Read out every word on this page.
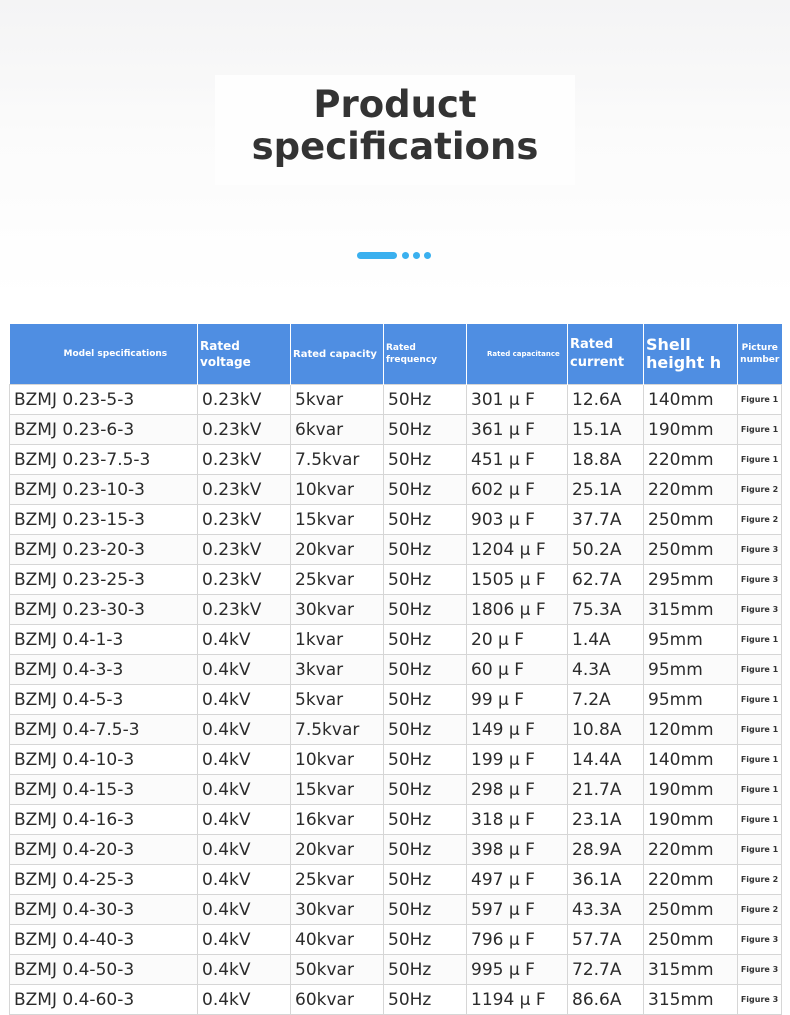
Product
specifications
Model specifications	Rated voltage	Rated capacity	Rated frequency	Rated capacitance	Rated current	Shell height h	Picture number
BZMJ 0.23-5-3	0.23kV	5kvar	50Hz	301 μ F	12.6A	140mm	Figure 1
BZMJ 0.23-6-3	0.23kV	6kvar	50Hz	361 μ F	15.1A	190mm	Figure 1
BZMJ 0.23-7.5-3	0.23kV	7.5kvar	50Hz	451 μ F	18.8A	220mm	Figure 1
BZMJ 0.23-10-3	0.23kV	10kvar	50Hz	602 μ F	25.1A	220mm	Figure 2
BZMJ 0.23-15-3	0.23kV	15kvar	50Hz	903 μ F	37.7A	250mm	Figure 2
BZMJ 0.23-20-3	0.23kV	20kvar	50Hz	1204 μ F	50.2A	250mm	Figure 3
BZMJ 0.23-25-3	0.23kV	25kvar	50Hz	1505 μ F	62.7A	295mm	Figure 3
BZMJ 0.23-30-3	0.23kV	30kvar	50Hz	1806 μ F	75.3A	315mm	Figure 3
BZMJ 0.4-1-3	0.4kV	1kvar	50Hz	20 μ F	1.4A	95mm	Figure 1
BZMJ 0.4-3-3	0.4kV	3kvar	50Hz	60 μ F	4.3A	95mm	Figure 1
BZMJ 0.4-5-3	0.4kV	5kvar	50Hz	99 μ F	7.2A	95mm	Figure 1
BZMJ 0.4-7.5-3	0.4kV	7.5kvar	50Hz	149 μ F	10.8A	120mm	Figure 1
BZMJ 0.4-10-3	0.4kV	10kvar	50Hz	199 μ F	14.4A	140mm	Figure 1
BZMJ 0.4-15-3	0.4kV	15kvar	50Hz	298 μ F	21.7A	190mm	Figure 1
BZMJ 0.4-16-3	0.4kV	16kvar	50Hz	318 μ F	23.1A	190mm	Figure 1
BZMJ 0.4-20-3	0.4kV	20kvar	50Hz	398 μ F	28.9A	220mm	Figure 1
BZMJ 0.4-25-3	0.4kV	25kvar	50Hz	497 μ F	36.1A	220mm	Figure 2
BZMJ 0.4-30-3	0.4kV	30kvar	50Hz	597 μ F	43.3A	250mm	Figure 2
BZMJ 0.4-40-3	0.4kV	40kvar	50Hz	796 μ F	57.7A	250mm	Figure 3
BZMJ 0.4-50-3	0.4kV	50kvar	50Hz	995 μ F	72.7A	315mm	Figure 3
BZMJ 0.4-60-3	0.4kV	60kvar	50Hz	1194 μ F	86.6A	315mm	Figure 3
